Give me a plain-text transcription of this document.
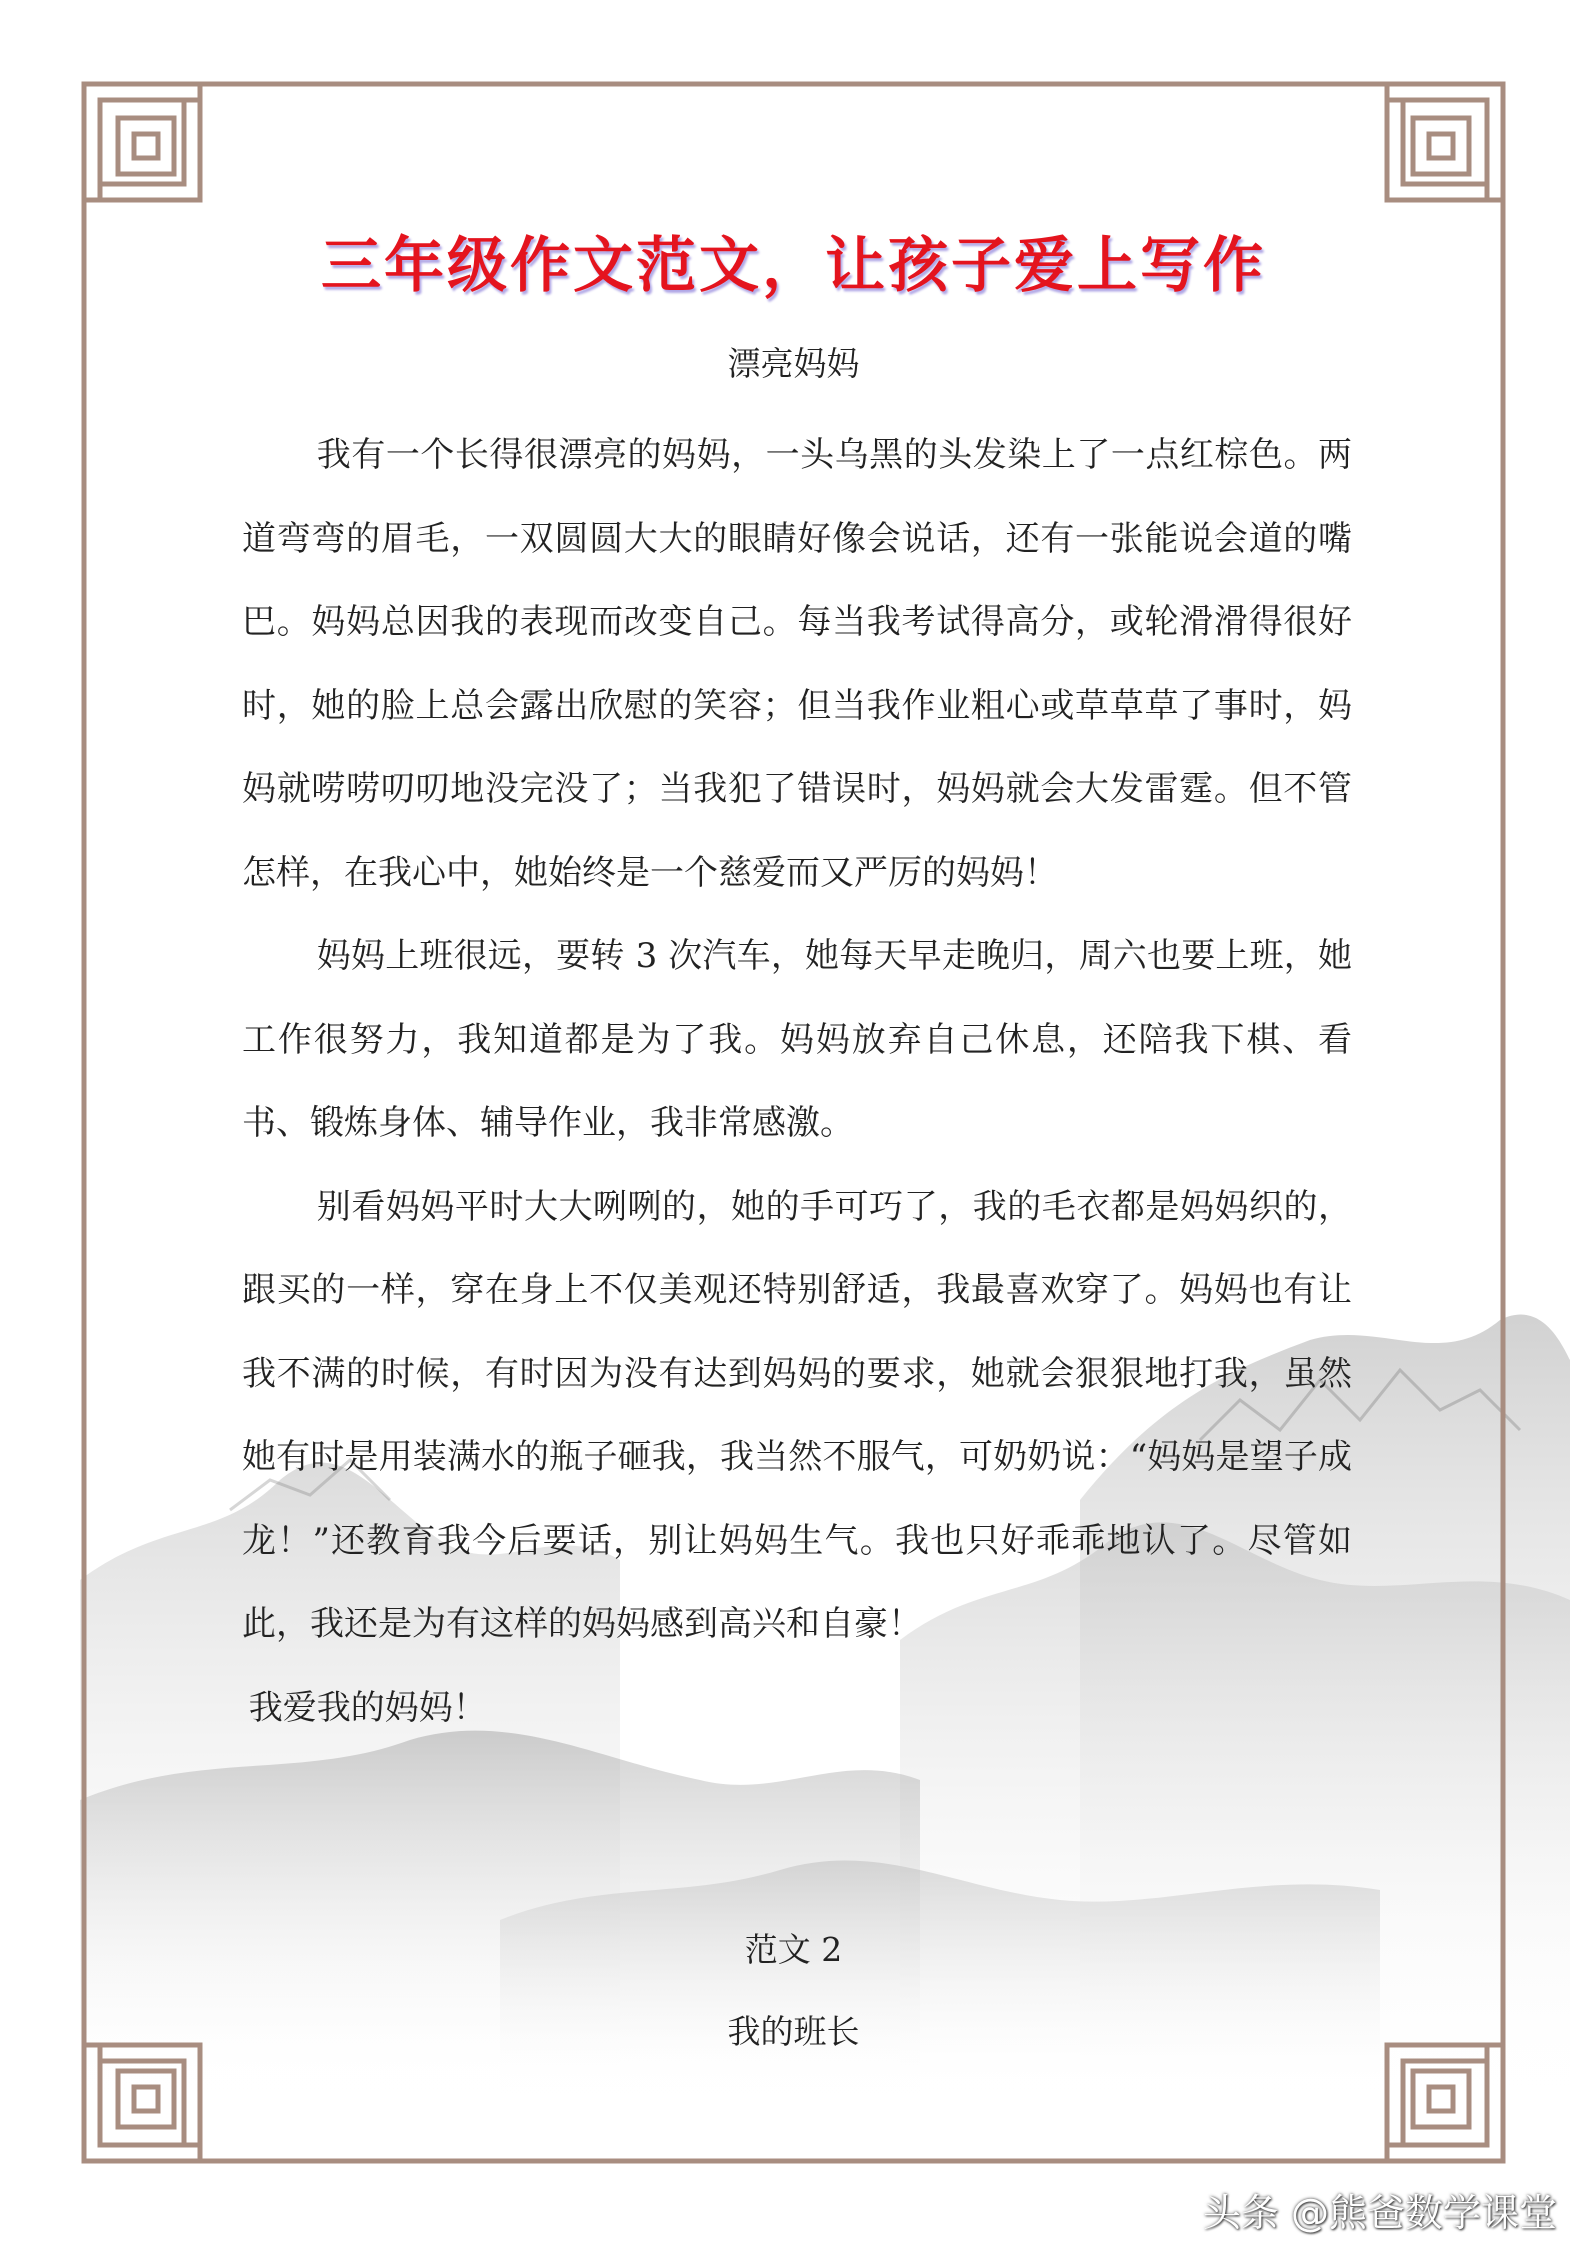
三年级作文范文，让孩子爱上写作
漂亮妈妈

我有一个长得很漂亮的妈妈，一头乌黑的头发染上了一点红棕色。两道弯弯的眉毛，一双圆圆大大的眼睛好像会说话，还有一张能说会道的嘴巴。妈妈总因我的表现而改变自己。每当我考试得高分，或轮滑滑得很好时，她的脸上总会露出欣慰的笑容；但当我作业粗心或草草草了事时，妈妈就唠唠叨叨地没完没了；当我犯了错误时，妈妈就会大发雷霆。但不管怎样，在我心中，她始终是一个慈爱而又严厉的妈妈！

妈妈上班很远，要转 3 次汽车，她每天早走晚归，周六也要上班，她工作很努力，我知道都是为了我。妈妈放弃自己休息，还陪我下棋、看书、锻炼身体、辅导作业，我非常感激。

别看妈妈平时大大咧咧的，她的手可巧了，我的毛衣都是妈妈织的，跟买的一样，穿在身上不仅美观还特别舒适，我最喜欢穿了。妈妈也有让我不满的时候，有时因为没有达到妈妈的要求，她就会狠狠地打我，虽然她有时是用装满水的瓶子砸我，我当然不服气，可奶奶说：“妈妈是望子成龙！”还教育我今后要话，别让妈妈生气。我也只好乖乖地认了。尽管如此，我还是为有这样的妈妈感到高兴和自豪！

我爱我的妈妈！

范文 2
我的班长
头条 @熊爸数学课堂
